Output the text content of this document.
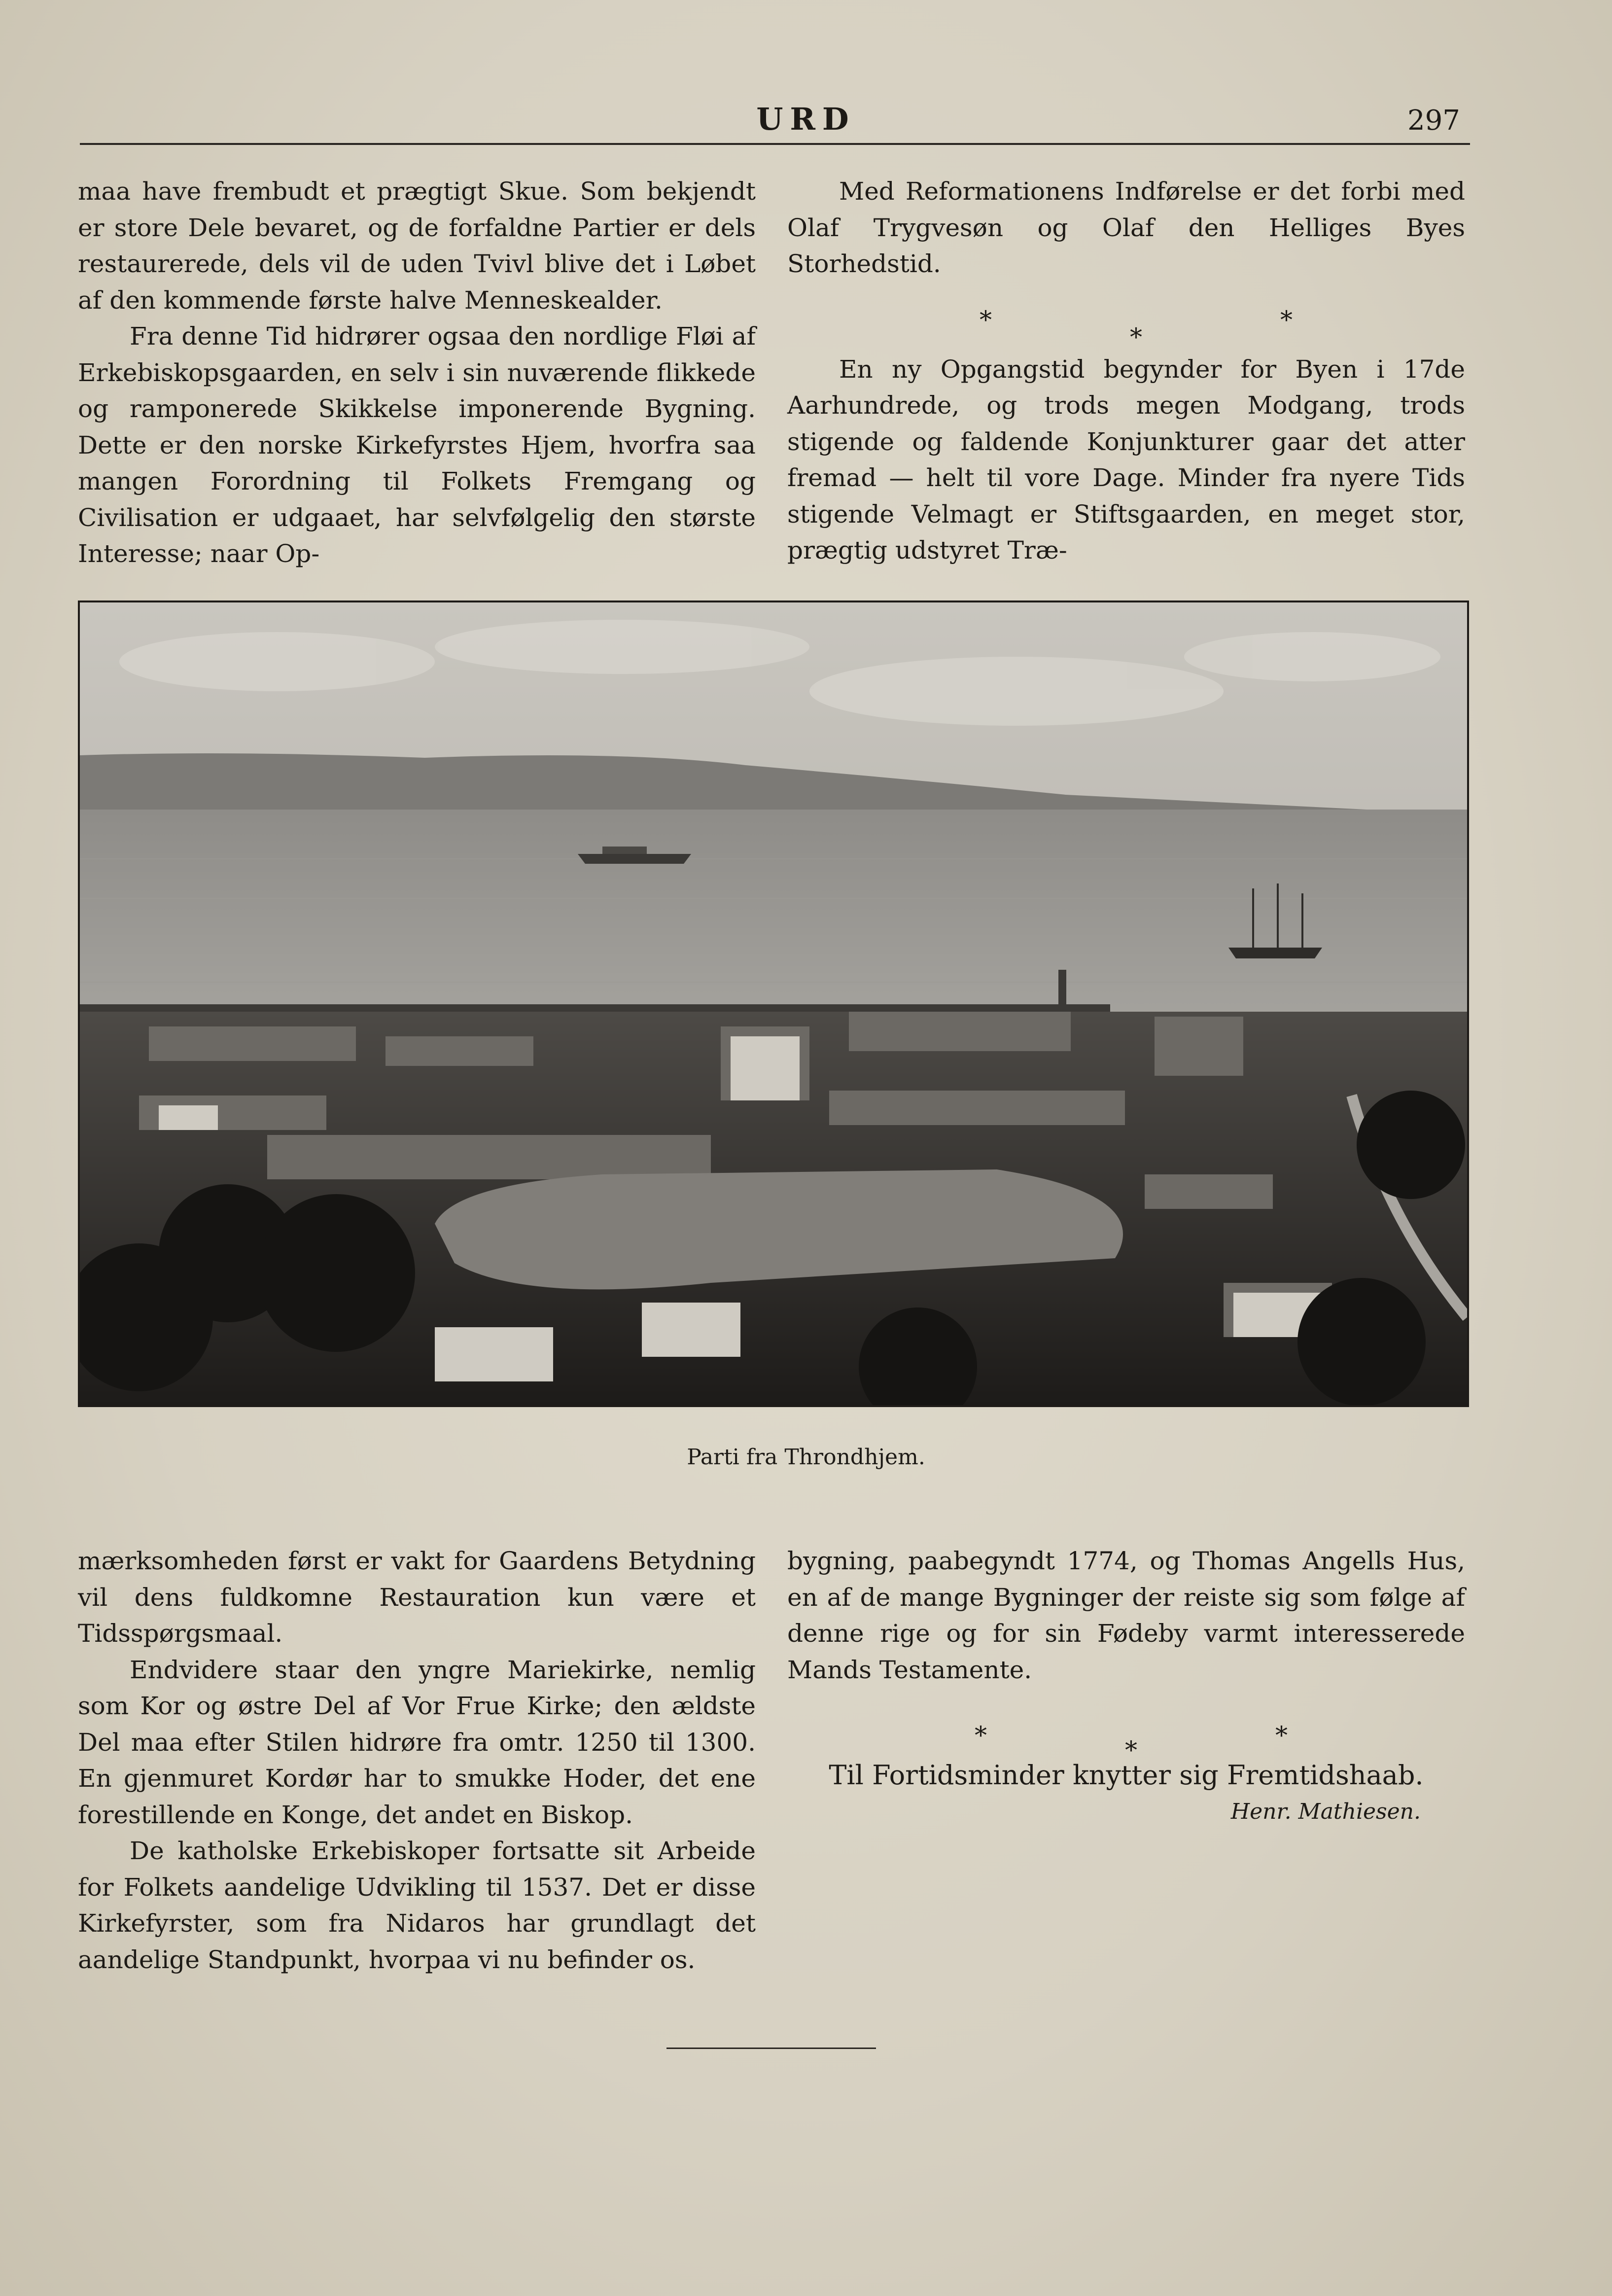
URD	297

maa have frembudt et prægtigt Skue. Som bekjendt er store Dele bevaret, og de forfaldne Partier er dels restaurerede, dels vil de uden Tvivl blive det i Løbet af den kommende første halve Menneskealder.

Fra denne Tid hidrører ogsaa den nordlige Fløi af Erkebiskopsgaarden, en selv i sin nuværende flikkede og ramponerede Skikkelse imponerende Bygning. Dette er den norske Kirkefyrstes Hjem, hvorfra saa mangen Forordning til Folkets Fremgang og Civilisation er udgaaet, har selvfølgelig den største Interesse; naar Op-

Med Reformationens Indførelse er det forbi med Olaf Trygvesøn og Olaf den Helliges Byes Storhedstid.

*
*
*

En ny Opgangstid begynder for Byen i 17de Aarhundrede, og trods megen Modgang, trods stigende og faldende Konjunkturer gaar det atter fremad — helt til vore Dage. Minder fra nyere Tids stigende Velmagt er Stiftsgaarden, en meget stor, prægtig udstyret Træ-

Parti fra Throndhjem.

mærksomheden først er vakt for Gaardens Betydning vil dens fuldkomne Restauration kun være et Tidsspørgsmaal.

Endvidere staar den yngre Mariekirke, nemlig som Kor og østre Del af Vor Frue Kirke; den ældste Del maa efter Stilen hidrøre fra omtr. 1250 til 1300. En gjenmuret Kordør har to smukke Hoder, det ene forestillende en Konge, det andet en Biskop.

De katholske Erkebiskoper fortsatte sit Arbeide for Folkets aandelige Udvikling til 1537. Det er disse Kirkefyrster, som fra Nidaros har grundlagt det aandelige Standpunkt, hvorpaa vi nu befinder os.

bygning, paabegyndt 1774, og Thomas Angells Hus, en af de mange Bygninger der reiste sig som følge af denne rige og for sin Fødeby varmt interesserede Mands Testamente.

*
*
*

Til Fortidsminder knytter sig Fremtidshaab.

Henr. Mathiesen.
